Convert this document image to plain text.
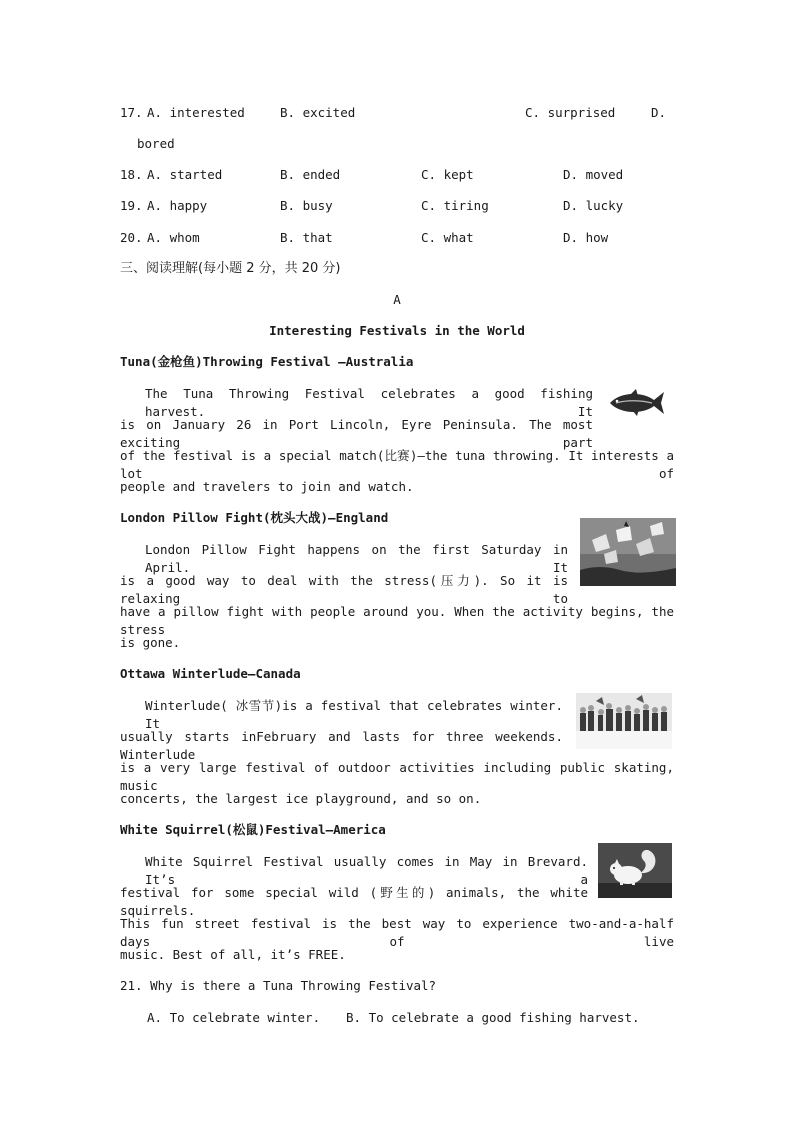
17. A. interested	B. excited	C. surprised	D.
bored
18. A. started	B. ended	C. kept	D. moved
19. A. happy	B. busy	C. tiring	D. lucky
20. A. whom	B. that	C. what	D. how
三、阅读理解(每小题 2 分，共 20 分)
A
Interesting Festivals in the World
Tuna(金枪鱼)Throwing Festival —Australia
The Tuna Throwing Festival celebrates a good fishing harvest. It
is on January 26 in Port Lincoln, Eyre Peninsula. The most exciting part
of the festival is a special match(比赛)—the tuna throwing. It interests a lot of
people and travelers to join and watch.
London Pillow Fight(枕头大战)—England
London Pillow Fight happens on the first Saturday in April. It
is a good way to deal with the stress(压力). So it is relaxing to
have a pillow fight with people around you. When the activity begins, the stress
is gone.
Ottawa Winterlude—Canada
Winterlude( 冰雪节)is a festival that celebrates winter. It
usually starts inFebruary and lasts for three weekends. Winterlude
is a very large festival of outdoor activities including public skating, music
concerts, the largest ice playground, and so on.
White Squirrel(松鼠)Festival—America
White Squirrel Festival usually comes in May in Brevard. It’s a
festival for some special wild (野生的) animals, the white squirrels.
This fun street festival is the best way to experience two-and-a-half days of live
music. Best of all, it’s FREE.
21. Why is there a Tuna Throwing Festival?
A. To celebrate winter. B. To celebrate a good fishing harvest.
